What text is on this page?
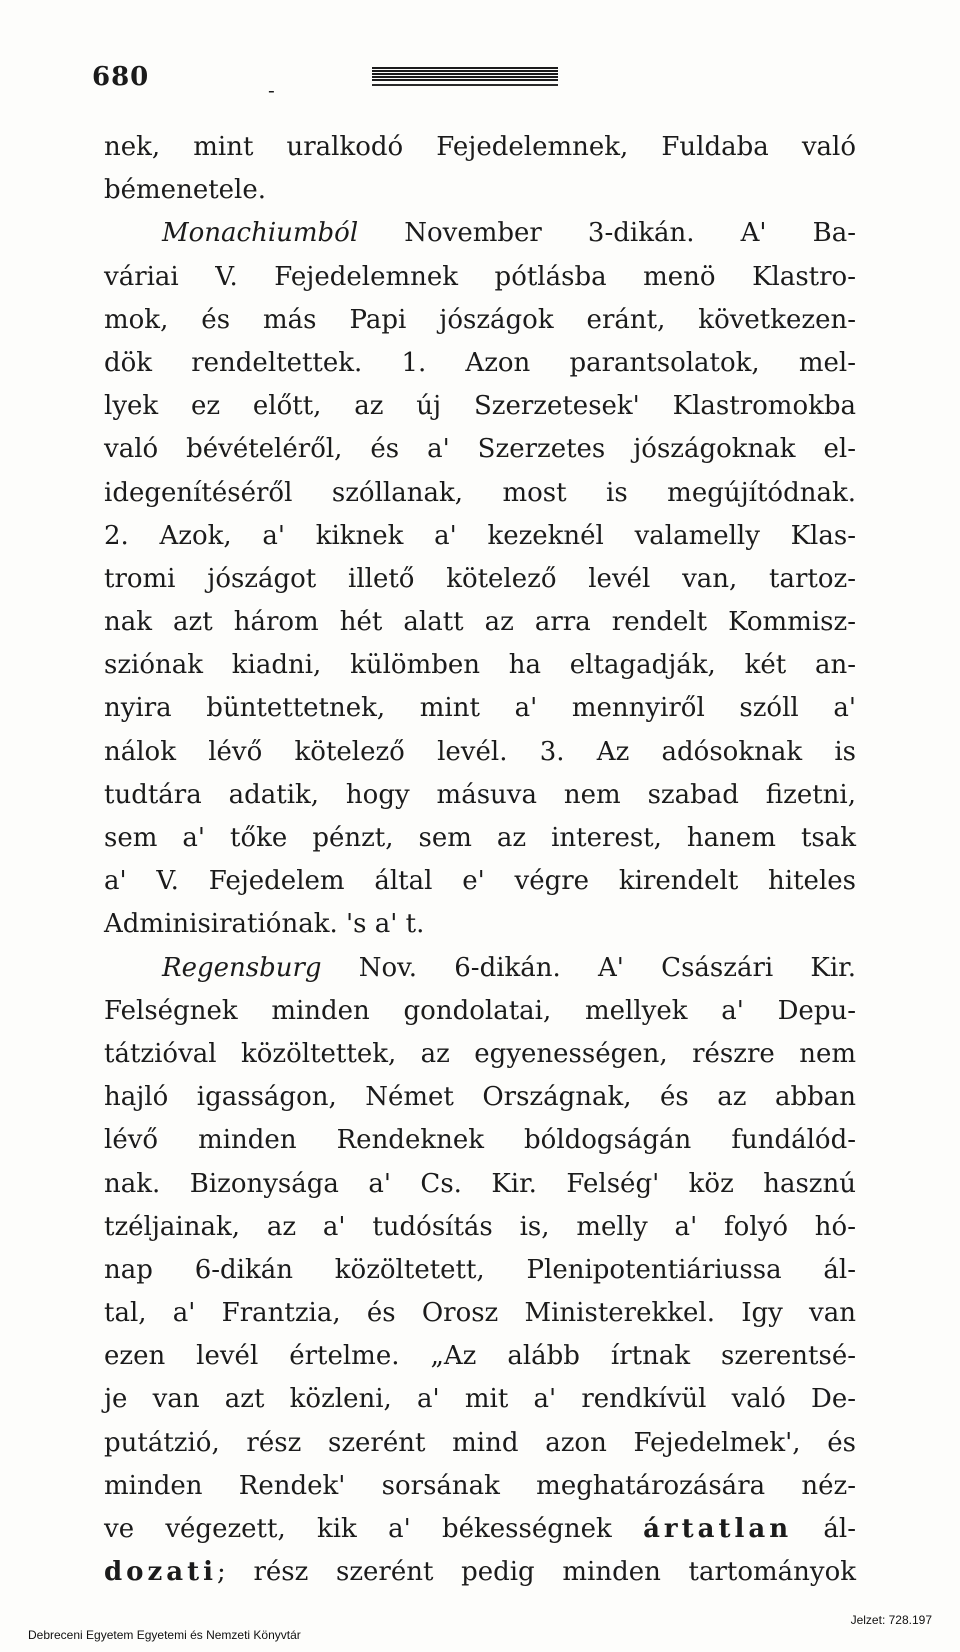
680	-
nek, mint uralkodó Fejedelemnek, Fuldaba való
bémenetele.
Monachiumból November 3-dikán. A' Ba-
váriai V. Fejedelemnek pótlásba menö Klastro-
mok, és más Papi jószágok eránt, következen-
dök rendeltettek. 1. Azon parantsolatok, mel-
lyek ez előtt, az új Szerzetesek' Klastromokba
való bévételéről, és a' Szerzetes jószágoknak el-
idegenítéséről szóllanak, most is megújítódnak.
2. Azok, a' kiknek a' kezeknél valamelly Klas-
tromi jószágot illető kötelező levél van, tartoz-
nak azt három hét alatt az arra rendelt Kommisz-
sziónak kiadni, külömben ha eltagadják, két an-
nyira büntettetnek, mint a' mennyiről szóll a'
nálok lévő kötelező levél. 3. Az adósoknak is
tudtára adatik, hogy másuva nem szabad fizetni,
sem a' tőke pénzt, sem az interest, hanem tsak
a' V. Fejedelem által e' végre kirendelt hiteles
Adminisiratiónak. 's a' t.
Regensburg Nov. 6-dikán. A' Császári Kir.
Felségnek minden gondolatai, mellyek a' Depu-
tátzióval közöltettek, az egyenességen, részre nem
hajló igasságon, Német Országnak, és az abban
lévő minden Rendeknek bóldogságán fundálód-
nak. Bizonysága a' Cs. Kir. Felség' köz hasznú
tzéljainak, az a' tudósítás is, melly a' folyó hó-
nap 6-dikán közöltetett, Plenipotentiáriussa ál-
tal, a' Frantzia, és Orosz Ministerekkel. Igy van
ezen levél értelme. „Az alább írtnak szerentsé-
je van azt közleni, a' mit a' rendkívül való De-
putátzió, rész szerént mind azon Fejedelmek', és
minden Rendek' sorsának meghatározására néz-
ve végezett, kik a' békességnek ártatlan ál-
dozati; rész szerént pedig minden tartományok
Debreceni Egyetem Egyetemi és Nemzeti Könyvtár
Jelzet: 728.197
